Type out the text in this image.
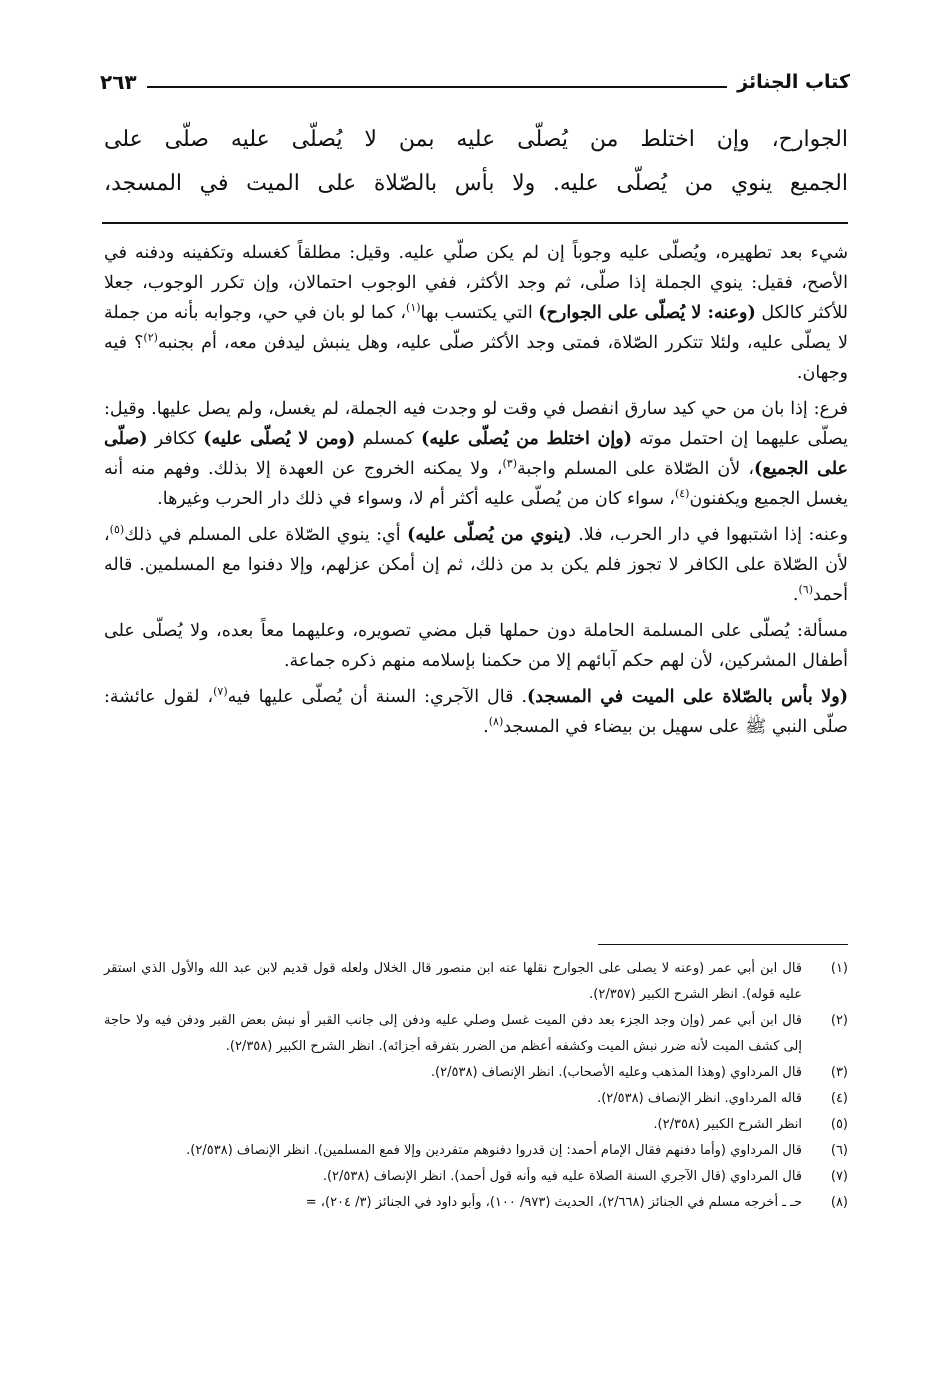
كتاب الجنائز
٢٦٣

الجوارح، وإن اختلط من يُصلّى عليه بمن لا يُصلّى عليه صلّى على

الجميع ينوي من يُصلّى عليه. ولا بأس بالصّلاة على الميت في المسجد،

شيء بعد تطهيره، ويُصلّى عليه وجوباً إن لم يكن صلّي عليه. وقيل: مطلقاً كغسله وتكفينه ودفنه في الأصح، فقيل: ينوي الجملة إذا صلّى، ثم وجد الأكثر، ففي الوجوب احتمالان، وإن تكرر الوجوب، جعلا للأكثر كالكل (وعنه: لا يُصلّى على الجوارح) التي يكتسب بها$^{(١)}$، كما لو بان في حي، وجوابه بأنه من جملة لا يصلّى عليه، ولئلا تتكرر الصّلاة، فمتى وجد الأكثر صلّى عليه، وهل ينبش ليدفن معه، أم بجنبه$^{(٢)}$؟ فيه وجهان.

فرع: إذا بان من حي كيد سارق انفصل في وقت لو وجدت فيه الجملة، لم يغسل، ولم يصل عليها. وقيل: يصلّى عليهما إن احتمل موته (وإن اختلط من يُصلّى عليه) كمسلم (ومن لا يُصلّى عليه) ككافر (صلّى على الجميع)، لأن الصّلاة على المسلم واجبة$^{(٣)}$، ولا يمكنه الخروج عن العهدة إلا بذلك. وفهم منه أنه يغسل الجميع ويكفنون$^{(٤)}$، سواء كان من يُصلّى عليه أكثر أم لا، وسواء في ذلك دار الحرب وغيرها.

وعنه: إذا اشتبهوا في دار الحرب، فلا. (ينوي من يُصلّى عليه) أي: ينوي الصّلاة على المسلم في ذلك$^{(٥)}$، لأن الصّلاة على الكافر لا تجوز فلم يكن بد من ذلك، ثم إن أمكن عزلهم، وإلا دفنوا مع المسلمين. قاله أحمد$^{(٦)}$.

مسألة: يُصلّى على المسلمة الحاملة دون حملها قبل مضي تصويره، وعليهما معاً بعده، ولا يُصلّى على أطفال المشركين، لأن لهم حكم آبائهم إلا من حكمنا بإسلامه منهم ذكره جماعة.

(ولا بأس بالصّلاة على الميت في المسجد). قال الآجري: السنة أن يُصلّى عليها فيه$^{(٧)}$، لقول عائشة: صلّى النبي ﷺ على سهيل بن بيضاء في المسجد$^{(٨)}$.

(١)
قال ابن أبي عمر (وعنه لا يصلى على الجوارح نقلها عنه ابن منصور قال الخلال ولعله قول قديم لابن عبد الله والأول الذي استقر عليه قوله). انظر الشرح الكبير (٢/٣٥٧).
(٢)
قال ابن أبي عمر (وإن وجد الجزء بعد دفن الميت غسل وصلي عليه ودفن إلى جانب القبر أو نبش بعض القبر ودفن فيه ولا حاجة إلى كشف الميت لأنه ضرر نبش الميت وكشفه أعظم من الضرر بتفرقه أجزائه). انظر الشرح الكبير (٢/٣٥٨).
(٣)
قال المرداوي (وهذا المذهب وعليه الأصحاب). انظر الإنصاف (٢/٥٣٨).
(٤)
قاله المرداوي. انظر الإنصاف (٢/٥٣٨).
(٥)
انظر الشرح الكبير (٢/٣٥٨).
(٦)
قال المرداوي (وأما دفنهم فقال الإمام أحمد: إن قدروا دفنوهم متفردين وإلا فمع المسلمين). انظر الإنصاف (٢/٥٣٨).
(٧)
قال المرداوي (قال الآجري السنة الصلاة عليه فيه وأنه قول أحمد). انظر الإنصاف (٢/٥٣٨).
(٨)
حـ ـ أخرجه مسلم في الجنائز (٢/٦٦٨)، الحديث (٩٧٣/ ١٠٠)، وأبو داود في الجنائز (٣/ ٢٠٤)، =
